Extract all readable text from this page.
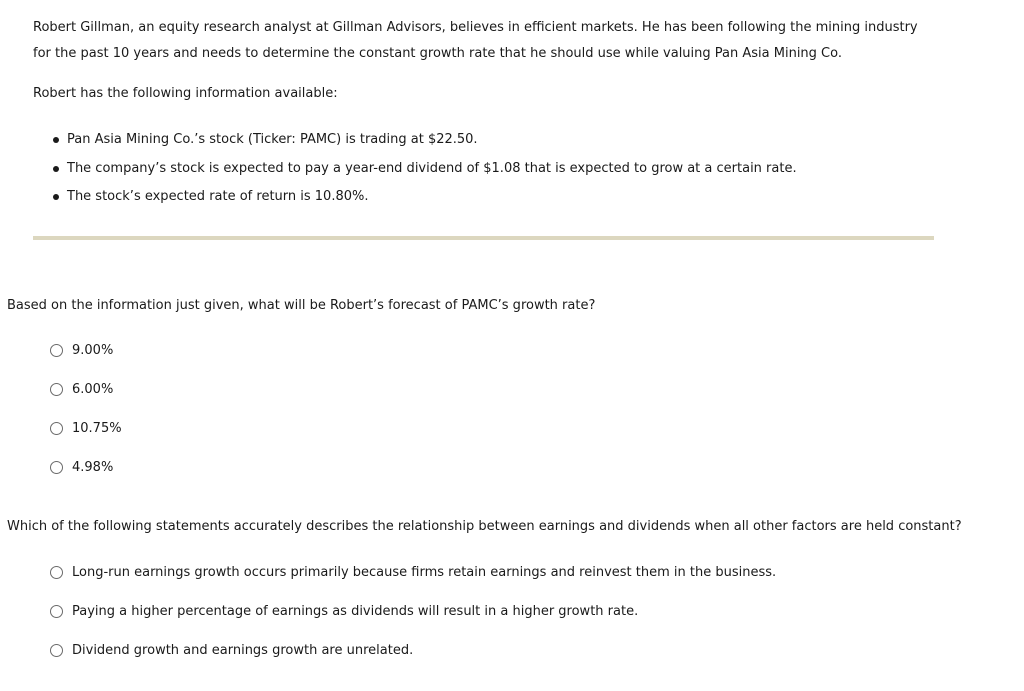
Robert Gillman, an equity research analyst at Gillman Advisors, believes in efficient markets. He has been following the mining industry
for the past 10 years and needs to determine the constant growth rate that he should use while valuing Pan Asia Mining Co.
Robert has the following information available:
Pan Asia Mining Co.’s stock (Ticker: PAMC) is trading at $22.50.
The company’s stock is expected to pay a year-end dividend of $1.08 that is expected to grow at a certain rate.
The stock’s expected rate of return is 10.80%.
Based on the information just given, what will be Robert’s forecast of PAMC’s growth rate?
9.00%
6.00%
10.75%
4.98%
Which of the following statements accurately describes the relationship between earnings and dividends when all other factors are held constant?
Long-run earnings growth occurs primarily because firms retain earnings and reinvest them in the business.
Paying a higher percentage of earnings as dividends will result in a higher growth rate.
Dividend growth and earnings growth are unrelated.
